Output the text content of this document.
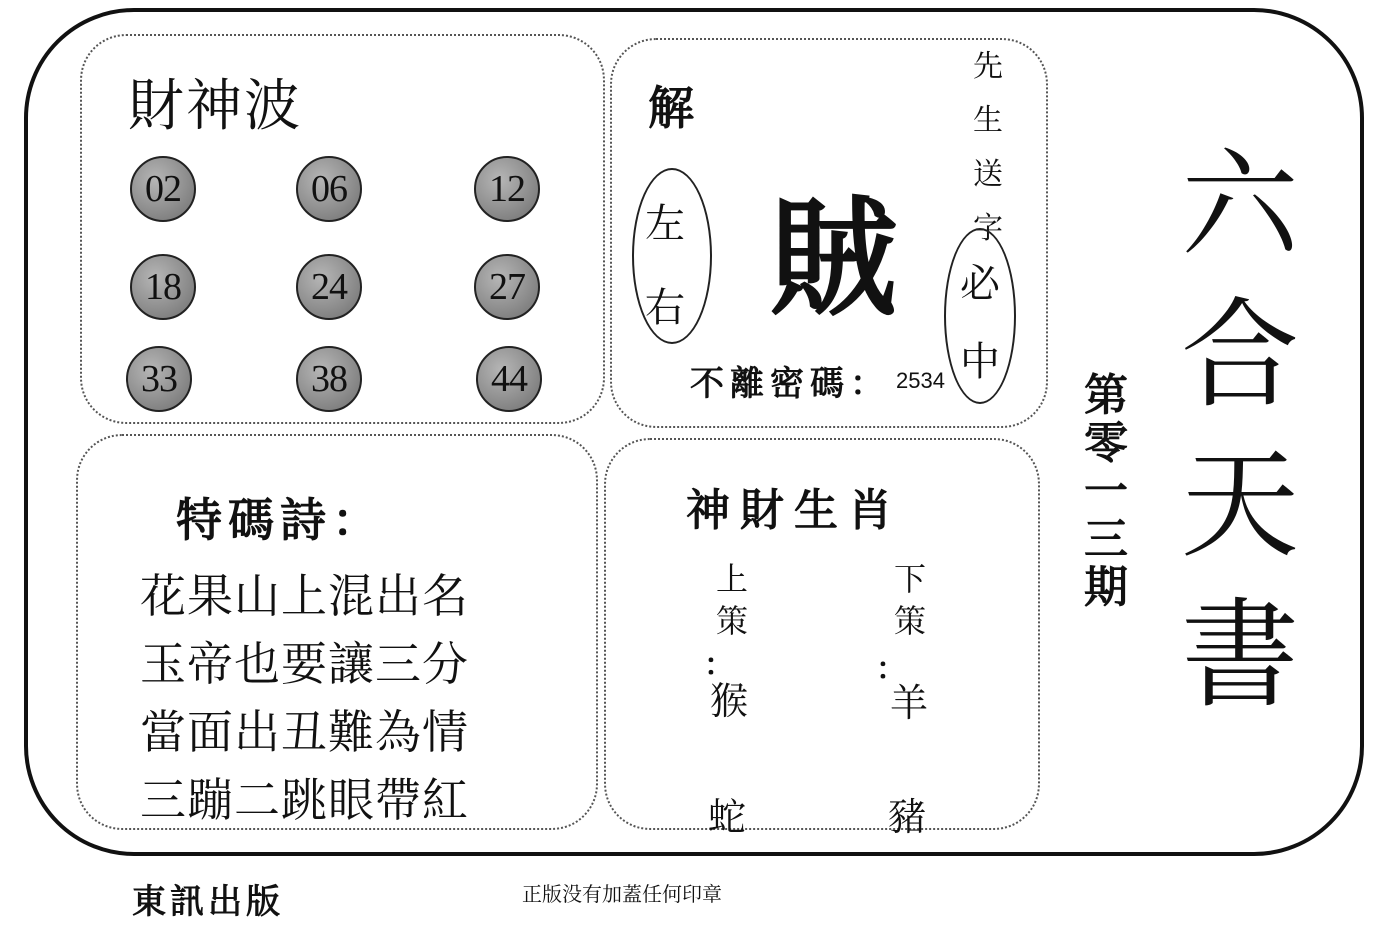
財神波
02	06	12
18	24	27
33	38	44
解
左
右 賊
先
生
送
字
必
中
不離密碼： 2534
特碼詩：
花果山上混出名
玉帝也要讓三分
當面出丑難為情
三蹦二跳眼帶紅
神財生肖
上
策
：
猴
蛇
下
策
：
羊
豬
第
零
一
三
期
六
合
天
書
東訊出版	正版没有加蓋任何印章
